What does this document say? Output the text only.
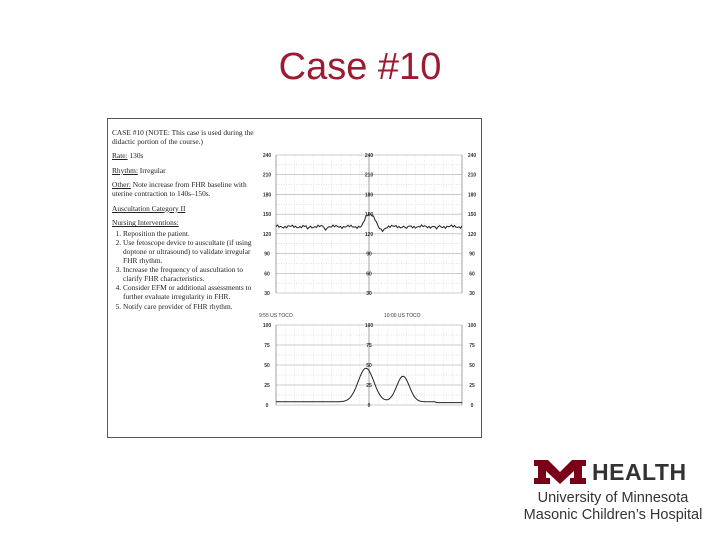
Case #10

CASE #10 (NOTE: This case is used during the didactic portion of the course.)

Rate: 130s

Rhythm: Irregular

Other: Note increase from FHR baseline with uterine contraction to 140s–150s.

Auscultation Category II

Nursing Interventions:

1. Reposition the patient.
2. Use fetoscope device to auscultate (if using doptone or ultrasound) to validate irregular FHR rhythm.
3. Increase the frequency of auscultation to clarify FHR characteristics.
4. Consider EFM or additional assessments to further evaluate irregularity in FHR.
5. Notify care provider of FHR rhythm.
240	240	240
210	210	210
180	180	180
150	150	150
120	120	120
90	90	90
60	60	60
30	30	30
100	100	100
75	75	75
50	50	50
25	25	25
0	0	0
9:55 US TOCO	10:00 US TOCO
HEALTH
University of Minnesota
Masonic Children’s Hospital
